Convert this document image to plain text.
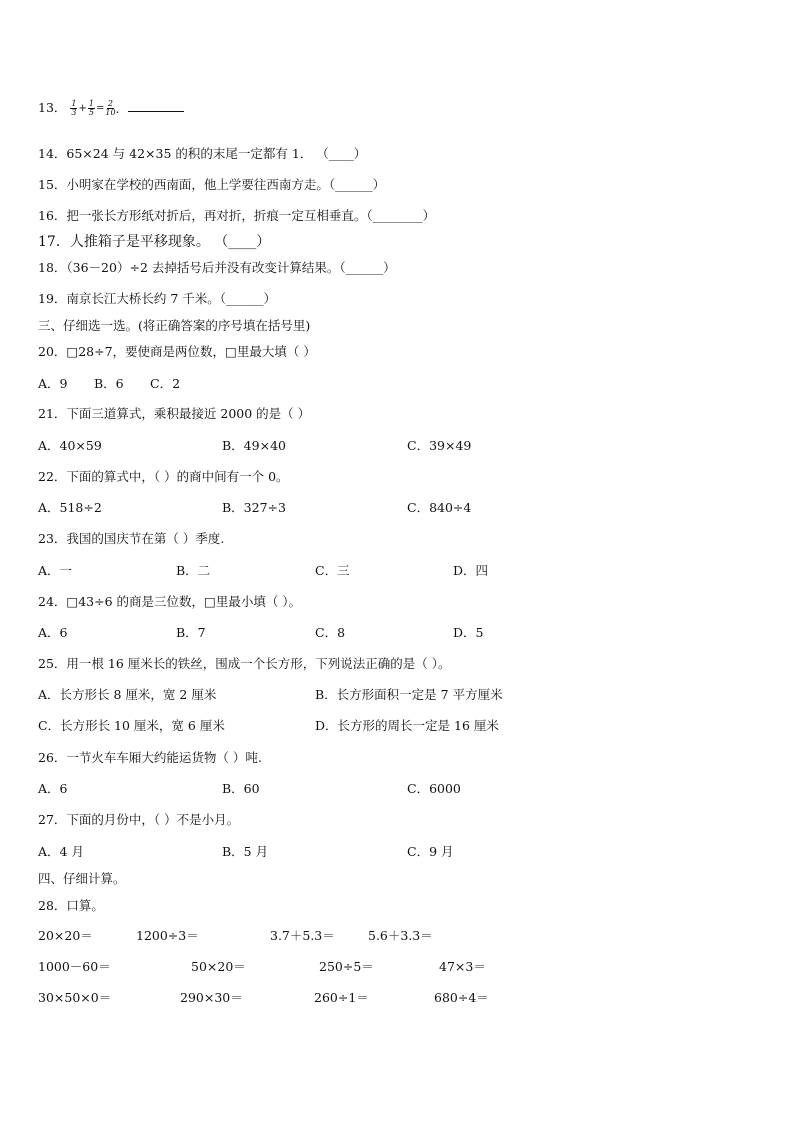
13． 1
$3 + \frac{1}{5} = \frac{2}{10}$ .

14．65×24 与 42×35 的积的末尾一定都有 1． （____）
15．小明家在学校的西南面，他上学要往西南方走。（______）
16．把一张长方形纸对折后，再对折，折痕一定互相垂直。（________）
17．人推箱子是平移现象。 （____）
18．（36－20）÷2 去掉括号后并没有改变计算结果。（______）
19．南京长江大桥长约 7 千米。（______）
三、仔细选一选。(将正确答案的序号填在括号里)
20．□28÷7，要使商是两位数，□里最大填（ ）
A．9 B．6 C．2
21．下面三道算式，乘积最接近 2000 的是（ ）
A．40×59	B．49×40	C．39×49
22．下面的算式中，（ ）的商中间有一个 0。
A．518÷2	B．327÷3	C．840÷4
23．我国的国庆节在第（ ）季度.
A．一	B．二	C．三	D．四
24．□43÷6 的商是三位数，□里最小填（ ）。
A．6	B．7	C．8	D．5
25．用一根 16 厘米长的铁丝，围成一个长方形，下列说法正确的是（ ）。
A．长方形长 8 厘米，宽 2 厘米	B．长方形面积一定是 7 平方厘米
C．长方形长 10 厘米，宽 6 厘米	D．长方形的周长一定是 16 厘米
26．一节火车车厢大约能运货物（ ）吨.
A．6	B．60	C．6000
27．下面的月份中，（ ）不是小月。
A．4 月	B．5 月	C．9 月
四、仔细计算。
28．口算。
20×20＝	1200÷3＝	3.7＋5.3＝	5.6＋3.3＝
1000－60＝	50×20＝	250÷5＝	47×3＝
30×50×0＝	290×30＝	260÷1＝	680÷4＝
